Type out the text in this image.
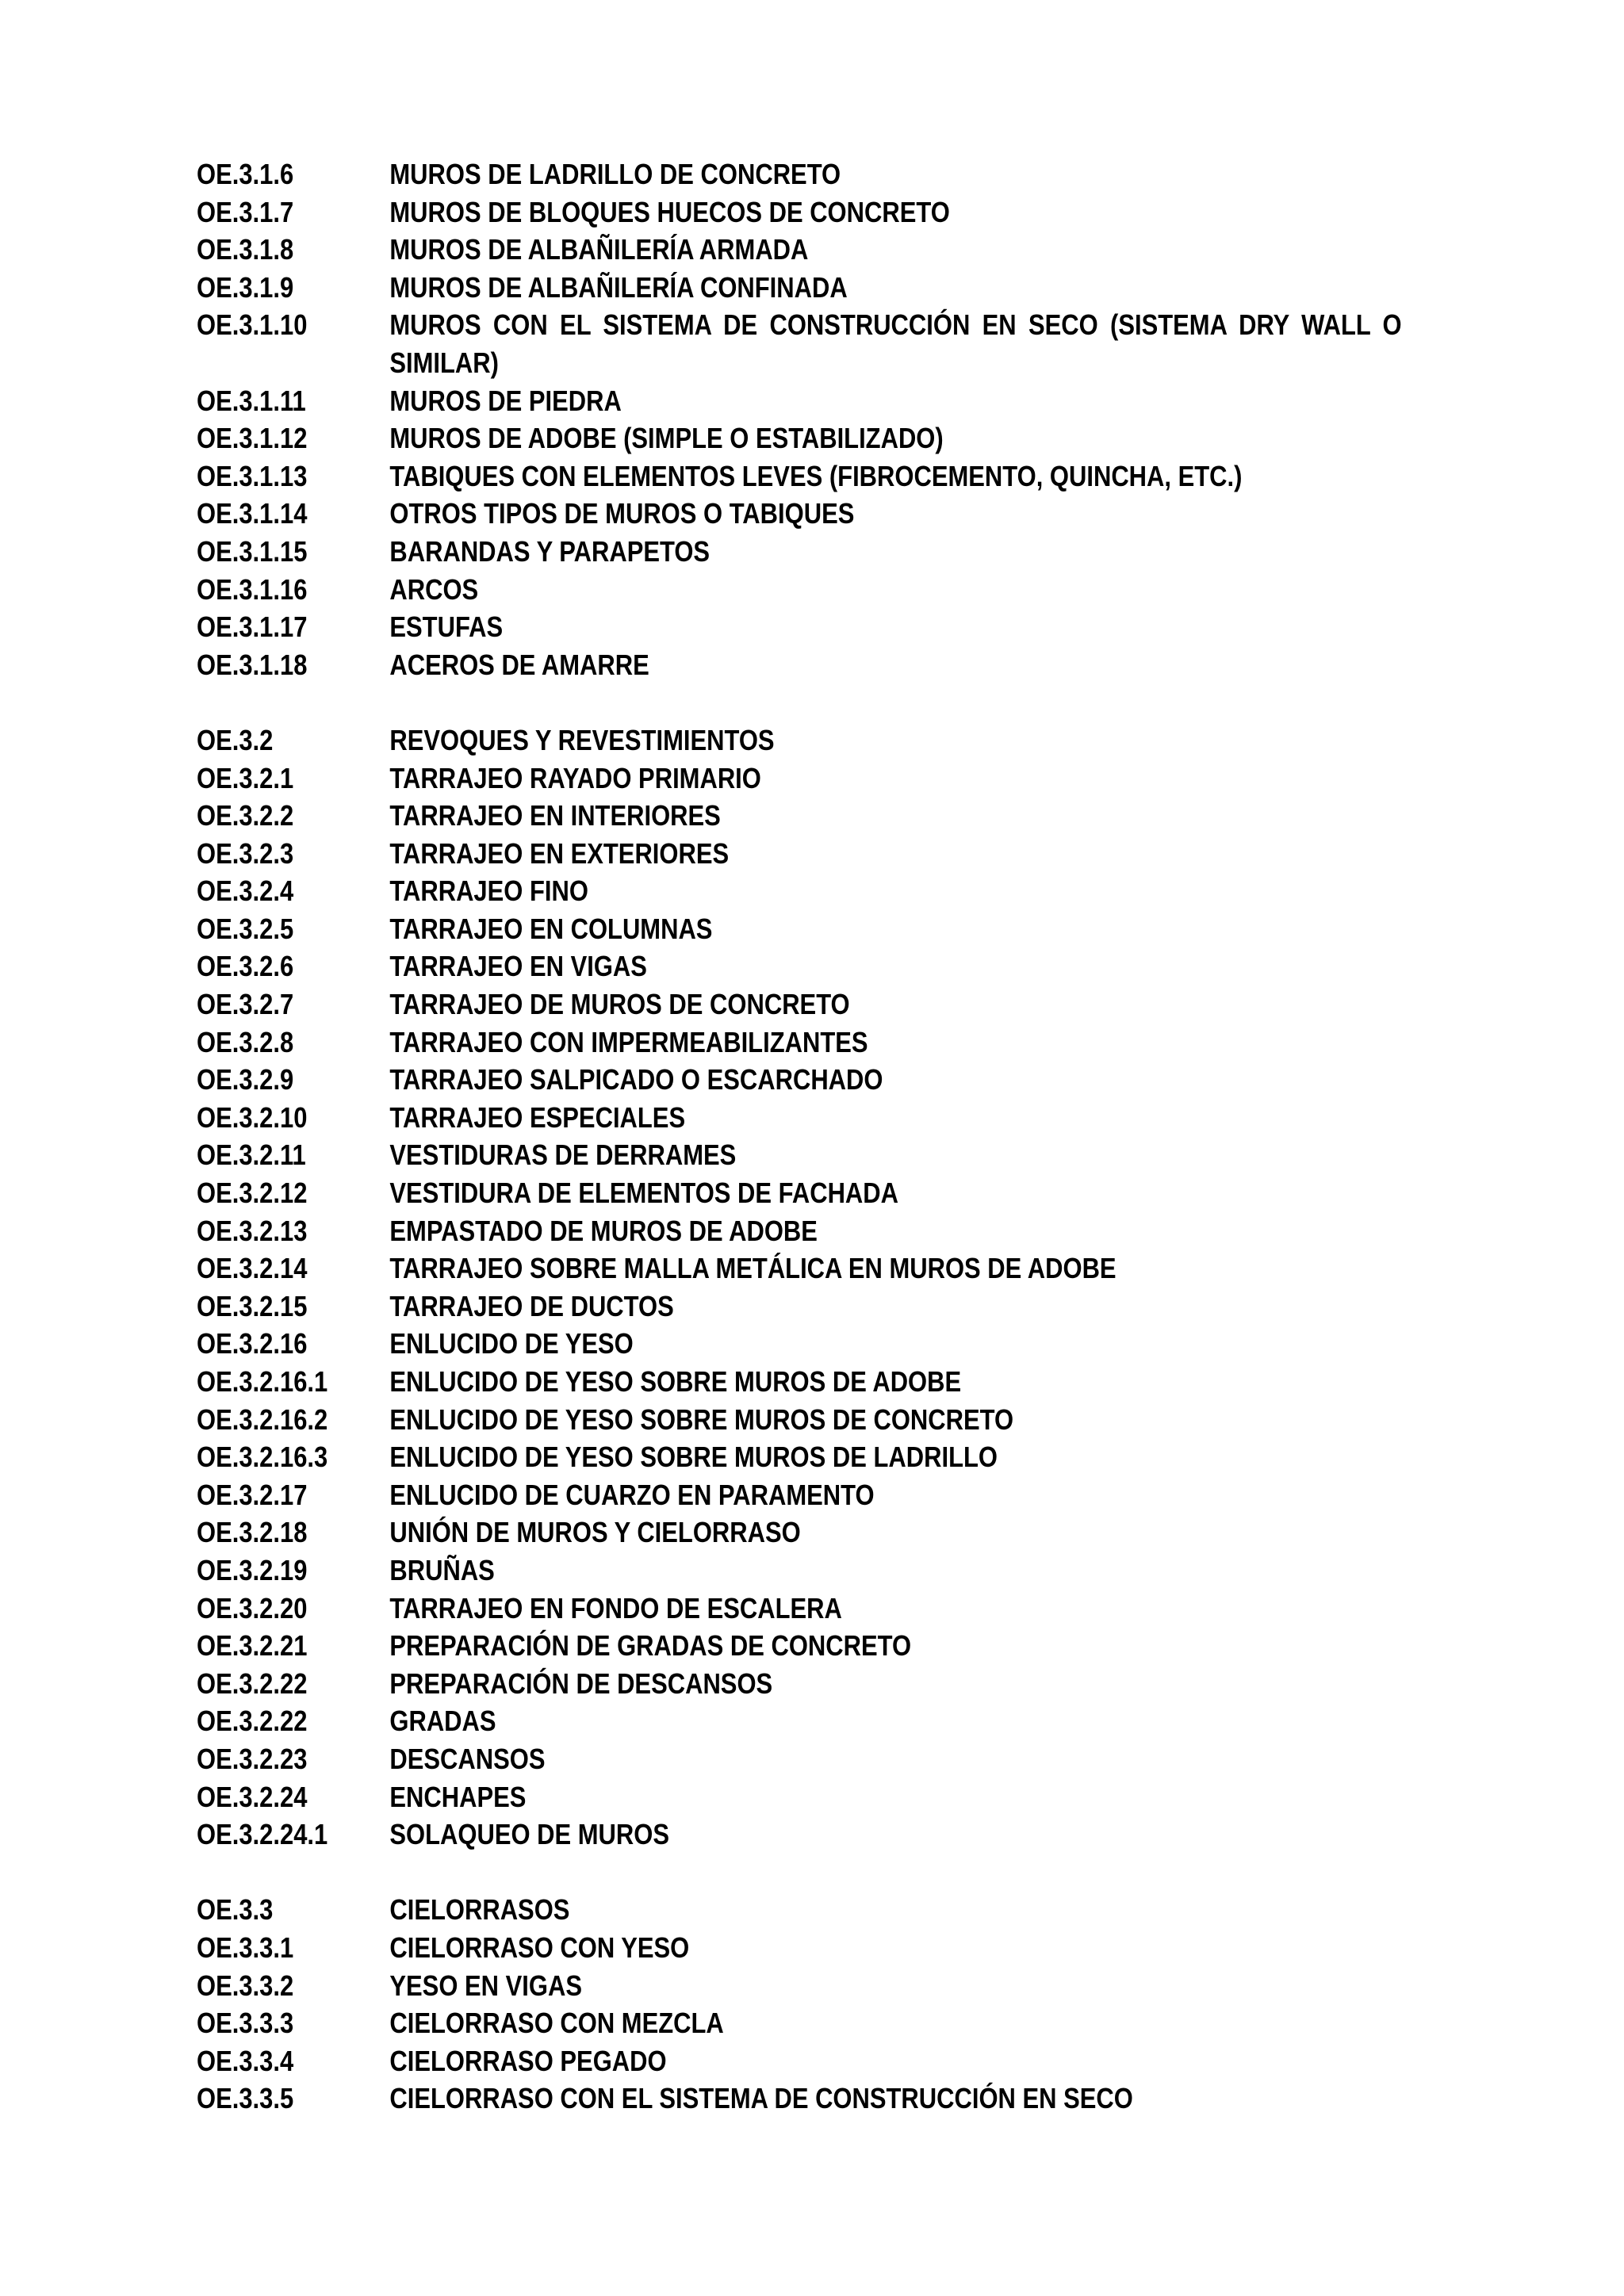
OE.3.1.6	MUROS DE LADRILLO DE CONCRETO
OE.3.1.7	MUROS DE BLOQUES HUECOS DE CONCRETO
OE.3.1.8	MUROS DE ALBAÑILERÍA ARMADA
OE.3.1.9	MUROS DE ALBAÑILERÍA CONFINADA
OE.3.1.10	MUROS CON EL SISTEMA DE CONSTRUCCIÓN EN SECO (SISTEMA DRY WALL O SIMILAR)
OE.3.1.11	MUROS DE PIEDRA
OE.3.1.12	MUROS DE ADOBE (SIMPLE O ESTABILIZADO)
OE.3.1.13	TABIQUES CON ELEMENTOS LEVES (FIBROCEMENTO, QUINCHA, ETC.)
OE.3.1.14	OTROS TIPOS DE MUROS O TABIQUES
OE.3.1.15	BARANDAS Y PARAPETOS
OE.3.1.16	ARCOS
OE.3.1.17	ESTUFAS
OE.3.1.18	ACEROS DE AMARRE
OE.3.2	REVOQUES Y REVESTIMIENTOS
OE.3.2.1	TARRAJEO RAYADO PRIMARIO
OE.3.2.2	TARRAJEO EN INTERIORES
OE.3.2.3	TARRAJEO EN EXTERIORES
OE.3.2.4	TARRAJEO FINO
OE.3.2.5	TARRAJEO EN COLUMNAS
OE.3.2.6	TARRAJEO EN VIGAS
OE.3.2.7	TARRAJEO DE MUROS DE CONCRETO
OE.3.2.8	TARRAJEO CON IMPERMEABILIZANTES
OE.3.2.9	TARRAJEO SALPICADO O ESCARCHADO
OE.3.2.10	TARRAJEO ESPECIALES
OE.3.2.11	VESTIDURAS DE DERRAMES
OE.3.2.12	VESTIDURA DE ELEMENTOS DE FACHADA
OE.3.2.13	EMPASTADO DE MUROS DE ADOBE
OE.3.2.14	TARRAJEO SOBRE MALLA METÁLICA EN MUROS DE ADOBE
OE.3.2.15	TARRAJEO DE DUCTOS
OE.3.2.16	ENLUCIDO DE YESO
OE.3.2.16.1	ENLUCIDO DE YESO SOBRE MUROS DE ADOBE
OE.3.2.16.2	ENLUCIDO DE YESO SOBRE MUROS DE CONCRETO
OE.3.2.16.3	ENLUCIDO DE YESO SOBRE MUROS DE LADRILLO
OE.3.2.17	ENLUCIDO DE CUARZO EN PARAMENTO
OE.3.2.18	UNIÓN DE MUROS Y CIELORRASO
OE.3.2.19	BRUÑAS
OE.3.2.20	TARRAJEO EN FONDO DE ESCALERA
OE.3.2.21	PREPARACIÓN DE GRADAS DE CONCRETO
OE.3.2.22	PREPARACIÓN DE DESCANSOS
OE.3.2.22	GRADAS
OE.3.2.23	DESCANSOS
OE.3.2.24	ENCHAPES
OE.3.2.24.1	SOLAQUEO DE MUROS
OE.3.3	CIELORRASOS
OE.3.3.1	CIELORRASO CON YESO
OE.3.3.2	YESO EN VIGAS
OE.3.3.3	CIELORRASO CON MEZCLA
OE.3.3.4	CIELORRASO PEGADO
OE.3.3.5	CIELORRASO CON EL SISTEMA DE CONSTRUCCIÓN EN SECO
